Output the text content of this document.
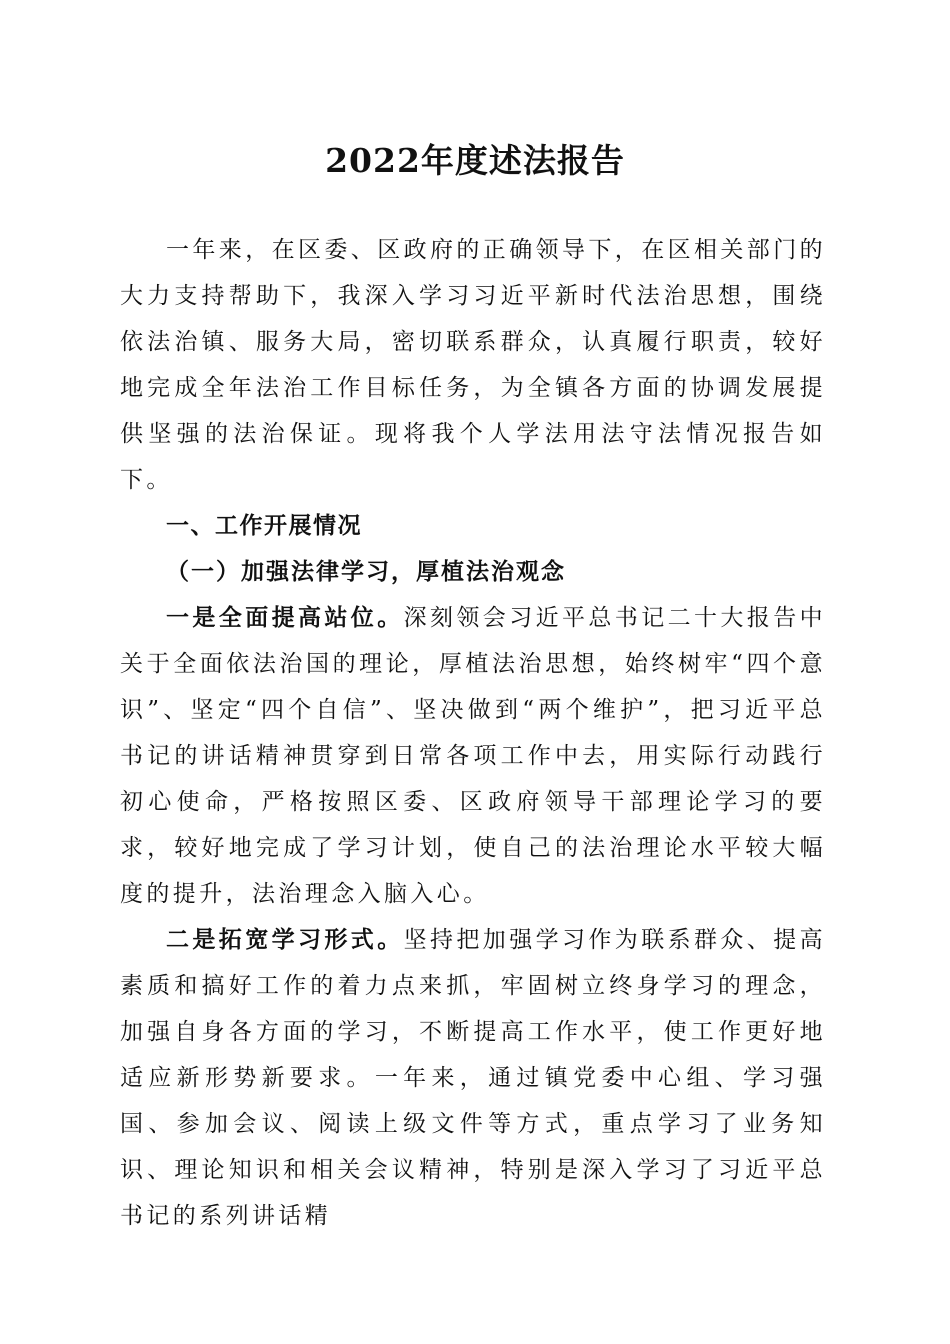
2022年度述法报告

一年来，在区委、区政府的正确领导下，在区相关部门的大力支持帮助下，我深入学习习近平新时代法治思想，围绕依法治镇、服务大局，密切联系群众，认真履行职责，较好地完成全年法治工作目标任务，为全镇各方面的协调发展提供坚强的法治保证。现将我个人学法用法守法情况报告如下。

一、工作开展情况

（一）加强法律学习，厚植法治观念

一是全面提高站位。深刻领会习近平总书记二十大报告中关于全面依法治国的理论，厚植法治思想，始终树牢“四个意识”、坚定“四个自信”、坚决做到“两个维护”，把习近平总书记的讲话精神贯穿到日常各项工作中去，用实际行动践行初心使命，严格按照区委、区政府领导干部理论学习的要求，较好地完成了学习计划，使自己的法治理论水平较大幅度的提升，法治理念入脑入心。

二是拓宽学习形式。坚持把加强学习作为联系群众、提高素质和搞好工作的着力点来抓，牢固树立终身学习的理念，加强自身各方面的学习，不断提高工作水平，使工作更好地适应新形势新要求。一年来，通过镇党委中心组、学习强国、参加会议、阅读上级文件等方式，重点学习了业务知识、理论知识和相关会议精神，特别是深入学习了习近平总书记的系列讲话精
